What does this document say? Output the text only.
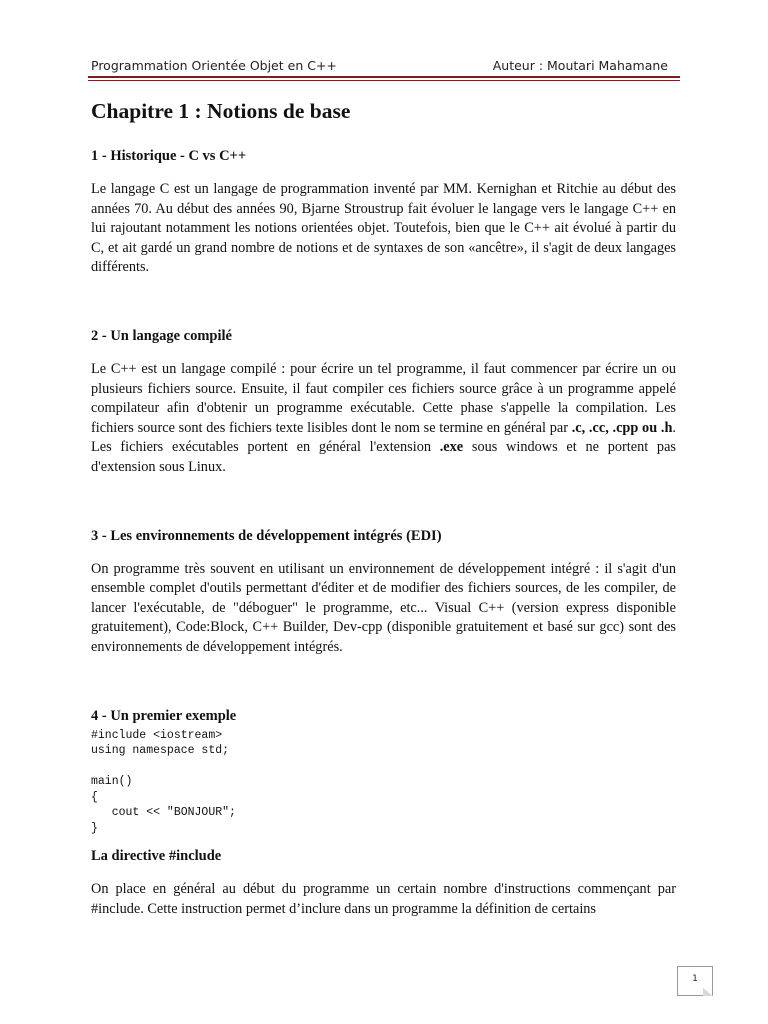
Programmation Orientée Objet en C++	Auteur : Moutari Mahamane
Chapitre 1 : Notions de base
1 - Historique - C vs C++

Le langage C est un langage de programmation inventé par MM. Kernighan et Ritchie au début des années 70. Au début des années 90, Bjarne Stroustrup fait évoluer le langage vers le langage C++ en lui rajoutant notamment les notions orientées objet. Toutefois, bien que le C++ ait évolué à partir du C, et ait gardé un grand nombre de notions et de syntaxes de son «ancêtre», il s'agit de deux langages différents.

2 - Un langage compilé

Le C++ est un langage compilé : pour écrire un tel programme, il faut commencer par écrire un ou plusieurs fichiers source. Ensuite, il faut compiler ces fichiers source grâce à un programme appelé compilateur afin d'obtenir un programme exécutable. Cette phase s'appelle la compilation. Les fichiers source sont des fichiers texte lisibles dont le nom se termine en général par .c, .cc, .cpp ou .h. Les fichiers exécutables portent en général l'extension .exe sous windows et ne portent pas d'extension sous Linux.

3 - Les environnements de développement intégrés (EDI)

On programme très souvent en utilisant un environnement de développement intégré : il s'agit d'un ensemble complet d'outils permettant d'éditer et de modifier des fichiers sources, de les compiler, de lancer l'exécutable, de "déboguer" le programme, etc... Visual C++ (version express disponible gratuitement), Code:Block, C++ Builder, Dev-cpp (disponible gratuitement et basé sur gcc) sont des environnements de développement intégrés.

4 - Un premier exemple
#include <iostream>
using namespace std;

main()
{
cout << "BONJOUR";
}
La directive #include

On place en général au début du programme un certain nombre d'instructions commençant par #include. Cette instruction permet d’inclure dans un programme la définition de certains

1
